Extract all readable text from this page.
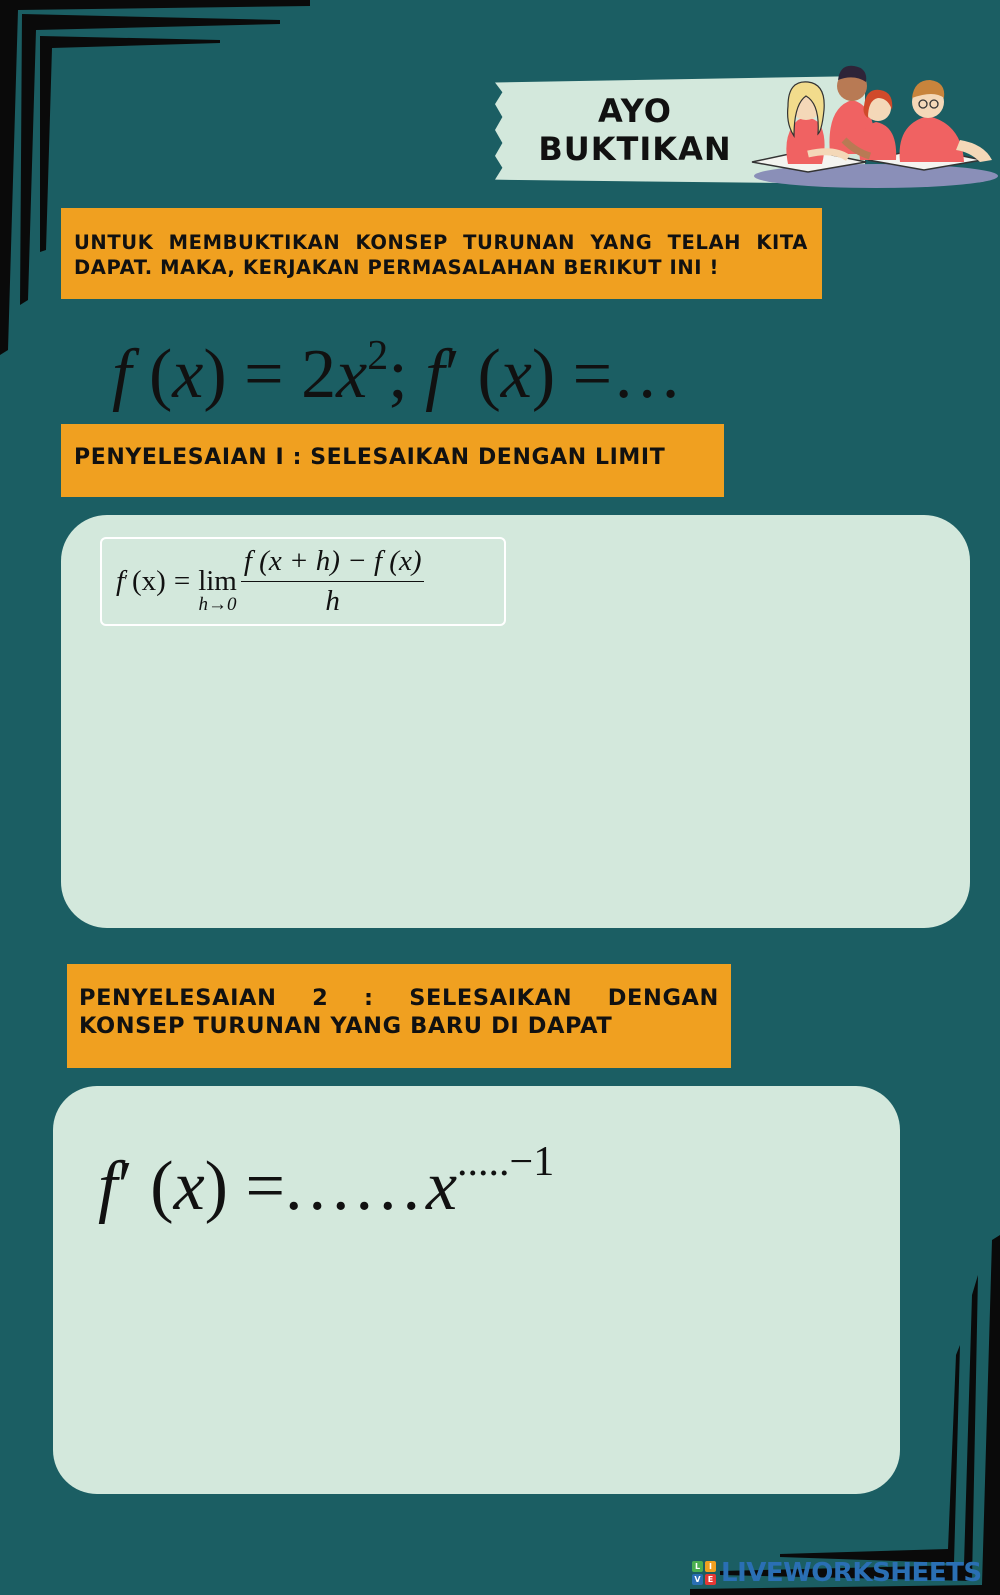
AYO
BUKTIKAN
UNTUK MEMBUKTIKAN KONSEP TURUNAN YANG TELAH KITA
DAPAT. MAKA, KERJAKAN PERMASALAHAN BERIKUT INI !
f $(x) = 2x^2$; f′ (x) =…
PENYELESAIAN I : SELESAIKAN DENGAN LIMIT
f ′ (x) = lim
$h\to 0 \frac{f (x + h) - f (x)}{h}$
PENYELESAIAN 2 : SELESAIKAN DENGAN
KONSEP TURUNAN YANG BARU DI DAPAT
f′ $(x) =......x^{.....-1}$
L	I
V E LIVEWORKSHEETS
